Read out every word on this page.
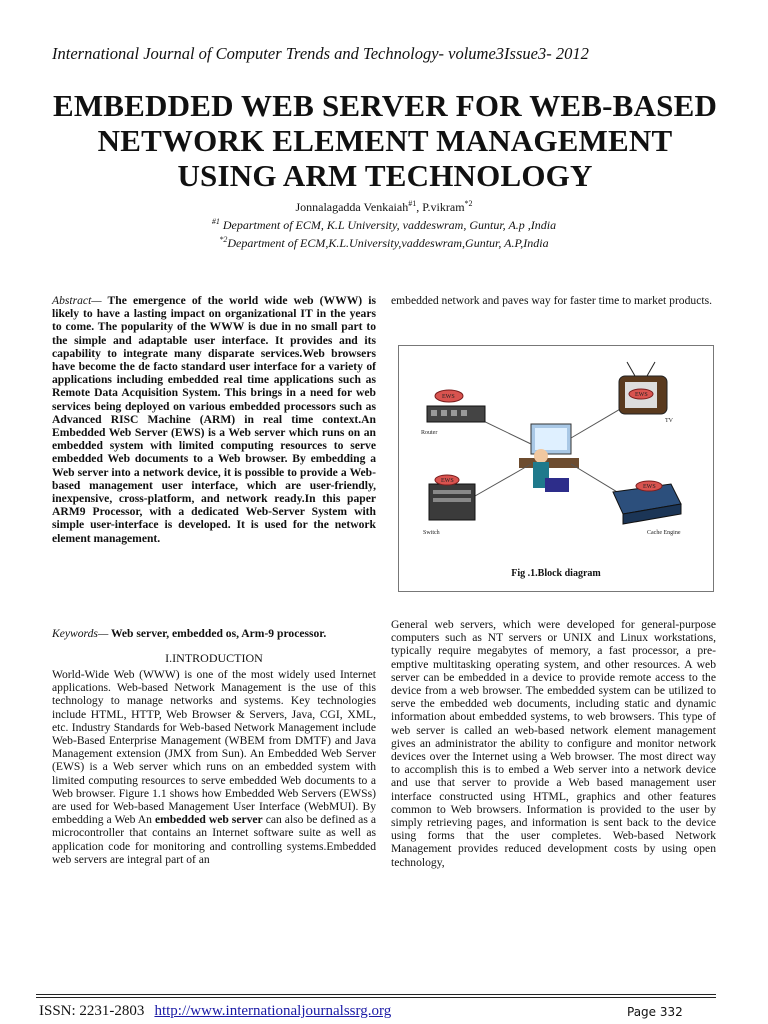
International Journal of Computer Trends and Technology- volume3Issue3- 2012
EMBEDDED WEB SERVER FOR WEB-BASED
NETWORK ELEMENT MANAGEMENT
USING ARM TECHNOLOGY
Jonnalagadda Venkaiah$^{\#1}$, P.vikram$^{*2}$
$^{\#1}$ Department of ECM, K.L University, vaddeswram, Guntur, A.p ,India
$^{*2}$Department of ECM,K.L.University,vaddeswram,Guntur, A.P,India
Abstract— The emergence of the world wide web (WWW) is likely to have a lasting impact on organizational IT in the years to come. The popularity of the WWW is due in no small part to the simple and adaptable user interface. It provides and its capability to integrate many disparate services.Web browsers have become the de facto standard user interface for a variety of applications including embedded real time applications such as Remote Data Acquisition System. This brings in a need for web services being deployed on various embedded processors such as Advanced RISC Machine (ARM) in real time context.An Embedded Web Server (EWS) is a Web server which runs on an embedded system with limited computing resources to serve embedded Web documents to a Web browser. By embedding a Web server into a network device, it is possible to provide a Web-based management user interface, which are user-friendly, inexpensive, cross-platform, and network ready.In this paper ARM9 Processor, with a dedicated Web-Server System with simple user-interface is developed. It is used for the network element management.
Keywords— Web server, embedded os, Arm-9 processor.
I.INTRODUCTION
World-Wide Web (WWW) is one of the most widely used Internet applications. Web-based Network Management is the use of this technology to manage networks and systems. Key technologies include HTML, HTTP, Web Browser & Servers, Java, CGI, XML, etc. Industry Standards for Web-based Network Management include Web-Based Enterprise Management (WBEM from DMTF) and Java Management extension (JMX from Sun). An Embedded Web Server (EWS) is a Web server which runs on an embedded system with limited computing resources to serve embedded Web documents to a Web browser. Figure 1.1 shows how Embedded Web Servers (EWSs) are used for Web-based Management User Interface (WebMUI). By embedding a Web An embedded web server can also be defined as a microcontroller that contains an Internet software suite as well as application code for monitoring and controlling systems.Embedded web servers are integral part of an
embedded network and paves way for faster time to market products.
EWS
Router
EWS
TV
EWS
Switch
EWS
Cache Engine
Fig .1.Block diagram
General web servers, which were developed for general-purpose computers such as NT servers or UNIX and Linux workstations, typically require megabytes of memory, a fast processor, a pre-emptive multitasking operating system, and other resources. A web server can be embedded in a device to provide remote access to the device from a web browser. The embedded system can be utilized to serve the embedded web documents, including static and dynamic information about embedded systems, to web browsers. This type of web server is called an web-based network element management gives an administrator the ability to configure and monitor network devices over the Internet using a Web browser. The most direct way to accomplish this is to embed a Web server into a network device and use that server to provide a Web based management user interface constructed using HTML, graphics and other features common to Web browsers. Information is provided to the user by simply retrieving pages, and information is sent back to the device using forms that the user completes. Web-based Network Management provides reduced development costs by using open technology,
ISSN: 2231-2803 http://www.internationaljournalssrg.org	Page 332
